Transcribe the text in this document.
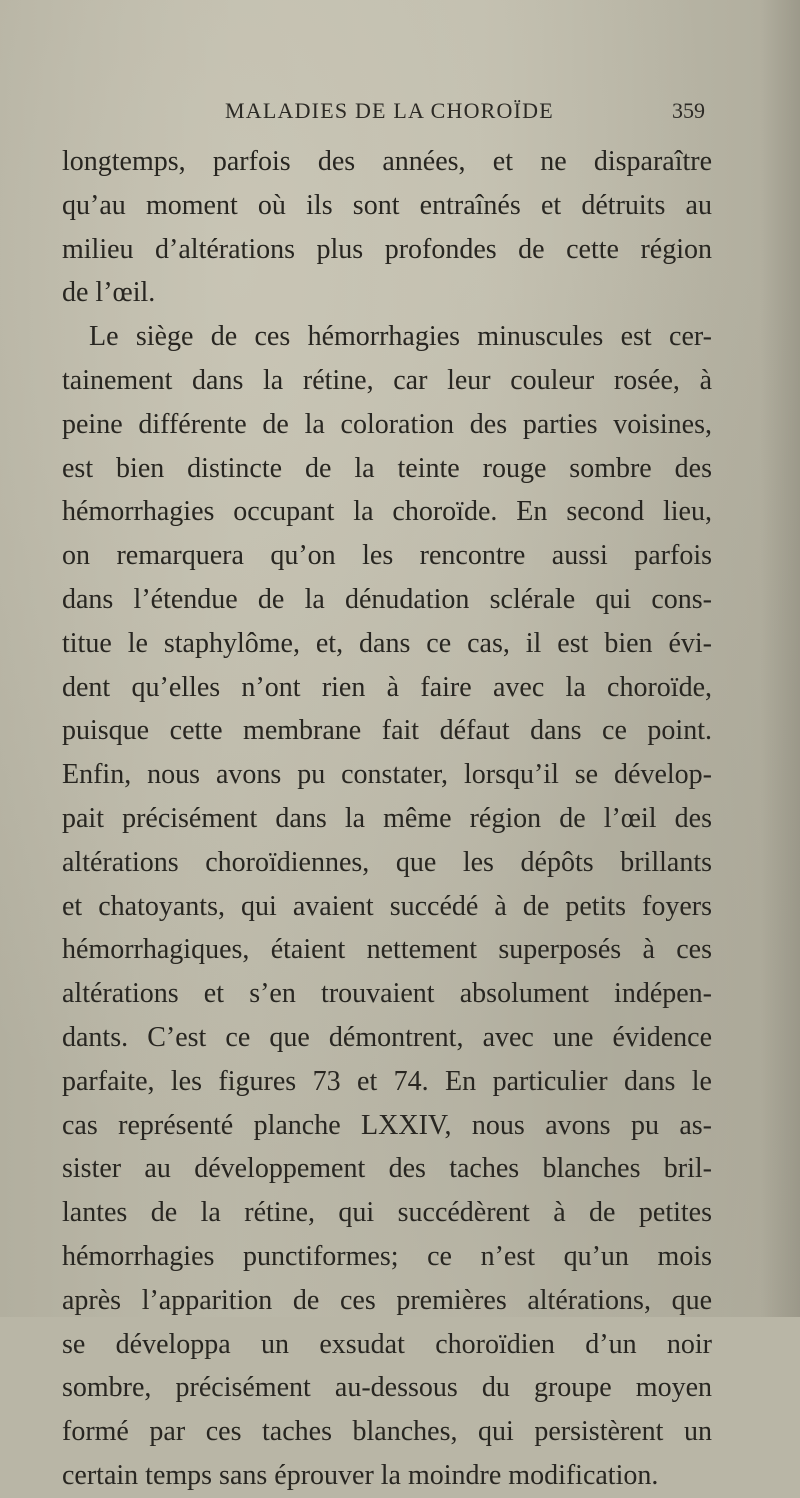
MALADIES DE LA CHOROÏDE	359
longtemps, parfois des années, et ne disparaître
qu’au moment où ils sont entraînés et détruits au
milieu d’altérations plus profondes de cette région
de l’œil.
Le siège de ces hémorrhagies minuscules est cer-
tainement dans la rétine, car leur couleur rosée, à
peine différente de la coloration des parties voisines,
est bien distincte de la teinte rouge sombre des
hémorrhagies occupant la choroïde. En second lieu,
on remarquera qu’on les rencontre aussi parfois
dans l’étendue de la dénudation sclérale qui cons-
titue le staphylôme, et, dans ce cas, il est bien évi-
dent qu’elles n’ont rien à faire avec la choroïde,
puisque cette membrane fait défaut dans ce point.
Enfin, nous avons pu constater, lorsqu’il se dévelop-
pait précisément dans la même région de l’œil des
altérations choroïdiennes, que les dépôts brillants
et chatoyants, qui avaient succédé à de petits foyers
hémorrhagiques, étaient nettement superposés à ces
altérations et s’en trouvaient absolument indépen-
dants. C’est ce que démontrent, avec une évidence
parfaite, les figures 73 et 74. En particulier dans le
cas représenté planche LXXIV, nous avons pu as-
sister au développement des taches blanches bril-
lantes de la rétine, qui succédèrent à de petites
hémorrhagies punctiformes; ce n’est qu’un mois
après l’apparition de ces premières altérations, que
se développa un exsudat choroïdien d’un noir
sombre, précisément au-dessous du groupe moyen
formé par ces taches blanches, qui persistèrent un
certain temps sans éprouver la moindre modification.
